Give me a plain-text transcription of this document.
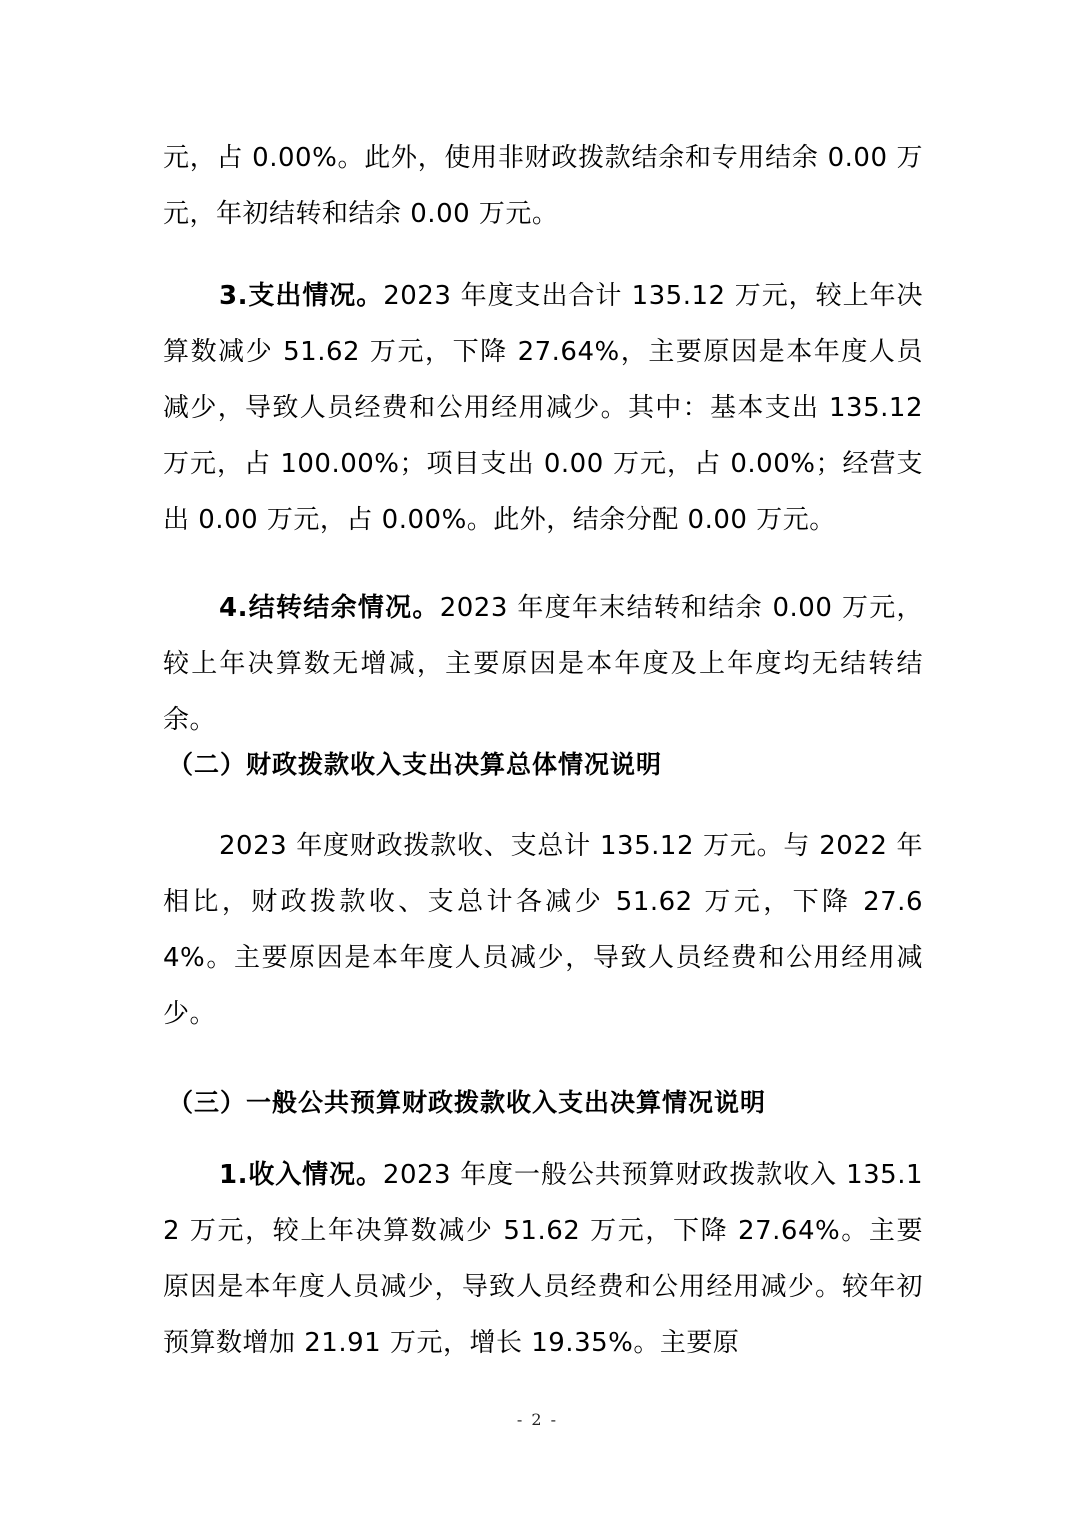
元，占 0.00%。此外，使用非财政拨款结余和专用结余 0.00 万元，年初结转和结余 0.00 万元。

3.支出情况。2023 年度支出合计 135.12 万元，较上年决算数减少 51.62 万元，下降 27.64%，主要原因是本年度人员减少，导致人员经费和公用经用减少。其中：基本支出 135.12 万元，占 100.00%；项目支出 0.00 万元，占 0.00%；经营支出 0.00 万元，占 0.00%。此外，结余分配 0.00 万元。

4.结转结余情况。2023 年度年末结转和结余 0.00 万元，较上年决算数无增减，主要原因是本年度及上年度均无结转结余。

（二）财政拨款收入支出决算总体情况说明

2023 年度财政拨款收、支总计 135.12 万元。与 2022 年相比，财政拨款收、支总计各减少 51.62 万元，下降 27.64%。主要原因是本年度人员减少，导致人员经费和公用经用减少。

（三）一般公共预算财政拨款收入支出决算情况说明

1.收入情况。2023 年度一般公共预算财政拨款收入 135.12 万元，较上年决算数减少 51.62 万元，下降 27.64%。主要原因是本年度人员减少，导致人员经费和公用经用减少。较年初预算数增加 21.91 万元，增长 19.35%。主要原

- 2 -
